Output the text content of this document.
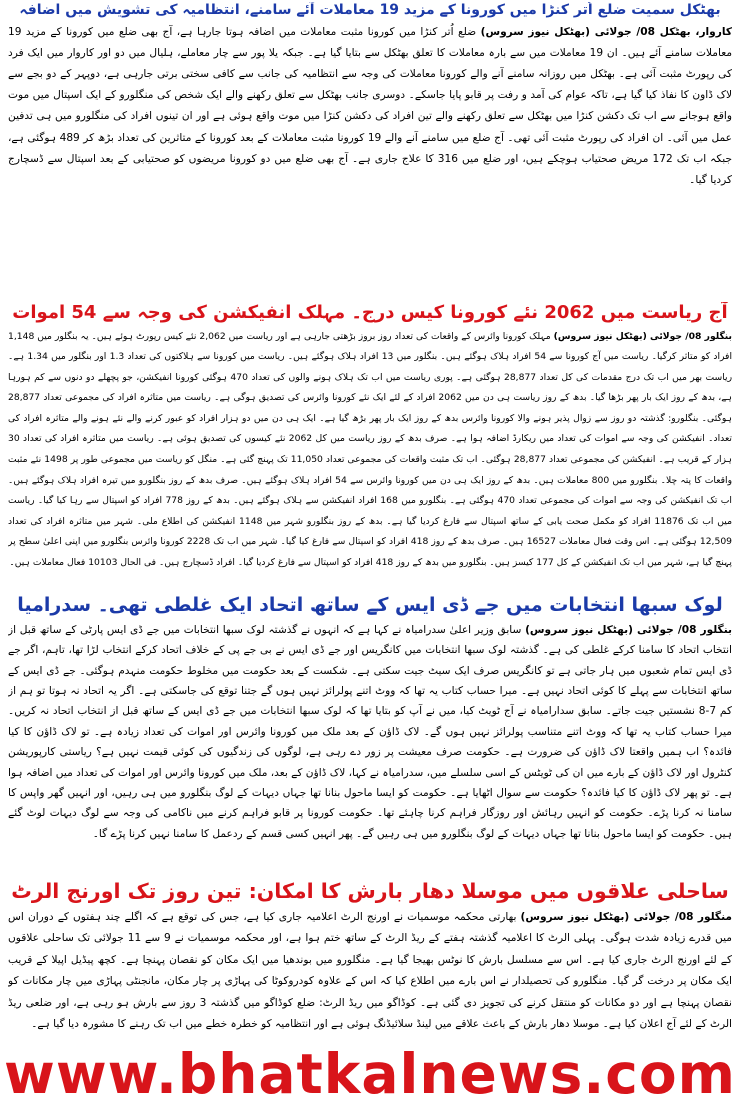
بھٹکل سمیت ضلع اُتر کنڑا میں کورونا کے مزید 19 معاملات آئے سامنے، انتظامیہ کی تشویش میں اضافہ

کاروار، بھٹکل 08/ جولائی (بھٹکل نیوز سروس) ضلع اُتر کنڑا میں کورونا مثبت معاملات میں اضافہ ہوتا جارہا ہے، آج بھی ضلع میں کورونا کے مزید 19 معاملات سامنے آئے ہیں۔ ان 19 معاملات میں سے بارہ معاملات کا تعلق بھٹکل سے بتایا گیا ہے۔ جبکہ یلا پور سے چار معاملے، ہلیال میں دو اور کاروار میں ایک فرد کی رپورٹ مثبت آئی ہے۔ بھٹکل میں روزانہ سامنے آنے والے کورونا معاملات کی وجہ سے انتظامیہ کی جانب سے کافی سختی برتی جارہی ہے، دوپہر کے دو بجے سے لاک ڈاون کا نفاذ کیا گیا ہے، تاکہ عوام کی آمد و رفت پر قابو پایا جاسکے۔ دوسری جانب بھٹکل سے تعلق رکھنے والے ایک شخص کی منگلورو کے ایک اسپتال میں موت واقع ہوجانے سے اب تک دکشن کنڑا میں بھٹکل سے تعلق رکھنے والے تین افراد کی دکشن کنڑا میں موت واقع ہوئی ہے اور ان تینوں افراد کی منگلورو میں ہی تدفین عمل میں آئی۔ ان افراد کی رپورٹ مثبت آئی تھی۔ آج ضلع میں سامنے آنے والے 19 کورونا مثبت معاملات کے بعد کورونا کے متاثرین کی تعداد بڑھ کر 489 ہوگئی ہے، جبکہ اب تک 172 مریض صحتیاب ہوچکے ہیں، اور ضلع میں 316 کا علاج جاری ہے۔ آج بھی ضلع میں دو کورونا مریضوں کو صحتیابی کے بعد اسپتال سے ڈسچارج کردیا گیا۔

آج ریاست میں 2062 نئے کورونا کیس درج۔ مہلک انفیکشن کی وجہ سے 54 اموات

بنگلور 08/ جولائی (بھٹکل نیوز سروس) مہلک کورونا وائرس کے واقعات کی تعداد روز بروز بڑھتی جارہی ہے اور ریاست میں 2,062 نئے کیس رپورٹ ہوئے ہیں۔ یہ بنگلور میں 1,148 افراد کو متاثر کرگیا۔ ریاست میں آج کورونا سے 54 افراد ہلاک ہوگئے ہیں۔ بنگلور میں 13 افراد ہلاک ہوگئے ہیں۔ ریاست میں کورونا سے ہلاکتوں کی تعداد 1.3 اور بنگلور میں 1.34 ہے۔ ریاست بھر میں اب تک درج مقدمات کی کل تعداد 28,877 ہوگئی ہے۔ پوری ریاست میں اب تک ہلاک ہونے والوں کی تعداد 470 ہوگئی کورونا انفیکشن، جو پچھلے دو دنوں سے کم ہورہا ہے، بدھ کے روز ایک بار پھر بڑھا گیا۔ بدھ کے روز ریاست ہی دن میں 2062 افراد کے لئے ایک نئے کورونا وائرس کی تصدیق ہوگی ہے۔ ریاست میں متاثرہ افراد کی مجموعی تعداد 28,877 ہوگئی۔ بنگلورو: گذشتہ دو روز سے زوال پذیر ہونے والا کورونا وائرس بدھ کے روز ایک بار پھر بڑھ گیا ہے۔ ایک ہی دن میں دو ہزار افراد کو عبور کرنے والے نئے ہونے والے متاثرہ افراد کی تعداد۔ انفیکشن کی وجہ سے اموات کی تعداد میں ریکارڈ اضافہ ہوا ہے۔ صرف بدھ کے روز ریاست میں کل 2062 نئے کیسوں کی تصدیق ہوئی ہے۔ ریاست میں متاثرہ افراد کی تعداد 30 ہزار کے قریب ہے۔ انفیکشن کی مجموعی تعداد 28,877 ہوگئی۔ اب تک مثبت واقعات کی مجموعی تعداد 11,050 تک پہنچ گئی ہے۔ منگل کو ریاست میں مجموعی طور پر 1498 نئے مثبت واقعات کا پتہ چلا۔ بنگلورو میں 800 معاملات ہیں۔ بدھ کے روز ایک ہی دن میں کورونا وائرس سے 54 افراد ہلاک ہوگئے ہیں۔ صرف بدھ کے روز بنگلورو میں تیرہ افراد ہلاک ہوگئے ہیں۔ اب تک انفیکشن کی وجہ سے اموات کی مجموعی تعداد 470 ہوگئی ہے۔ بنگلورو میں 168 افراد انفیکشن سے ہلاک ہوگئے ہیں۔ بدھ کے روز 778 افراد کو اسپتال سے رہا کیا گیا۔ ریاست میں اب تک 11876 افراد کو مکمل صحت یابی کے ساتھ اسپتال سے فارغ کردیا گیا ہے۔ بدھ کے روز بنگلورو شہر میں 1148 انفیکشن کی اطلاع ملی۔ شہر میں متاثرہ افراد کی تعداد 12,509 ہوگئی ہے۔ اس وقت فعال معاملات 16527 ہیں۔ صرف بدھ کے روز 418 افراد کو اسپتال سے فارغ کیا گیا۔ شہر میں اب تک 2228 کورونا وائرس بنگلورو میں اپنی اعلیٰ سطح پر پہنچ گیا ہے، شہر میں اب تک انفیکشن کے کل 177 کیسز ہیں۔ بنگلورو میں بدھ کے روز 418 افراد کو اسپتال سے فارغ کردیا گیا۔ افراد ڈسچارج ہیں۔ فی الحال 10103 فعال معاملات ہیں۔

لوک سبھا انتخابات میں جے ڈی ایس کے ساتھ اتحاد ایک غلطی تھی۔ سدرامیا

بنگلور 08/ جولائی (بھٹکل نیوز سروس) سابق وزیر اعلیٰ سدرامیاہ نے کہا ہے کہ انہوں نے گذشتہ لوک سبھا انتخابات میں جے ڈی ایس پارٹی کے ساتھ قبل از انتخاب اتحاد کا سامنا کرکے غلطی کی ہے۔ گذشتہ لوک سبھا انتخابات میں کانگریس اور جے ڈی ایس نے بی جے پی کے خلاف اتحاد کرکے انتخاب لڑا تھا، تاہم، اگر جے ڈی ایس تمام شعبوں میں ہار جاتی ہے تو کانگریس صرف ایک سیٹ جیت سکتی ہے۔ شکست کے بعد حکومت میں مخلوط حکومت منہدم ہوگئی۔ جے ڈی ایس کے ساتھ انتخابات سے پہلے کا کوئی اتحاد نہیں ہے۔ میرا حساب کتاب یہ تھا کہ ووٹ اتنے پولرائز نہیں ہوں گے جتنا توقع کی جاسکتی ہے۔ اگر یہ اتحاد نہ ہوتا تو ہم از کم 7-8 نشستیں جیت جاتے۔ سابق سدارامیاہ نے آج ٹویٹ کیا، میں نے آپ کو بتایا تھا کہ لوک سبھا انتخابات میں جے ڈی ایس کے ساتھ قبل از انتخاب اتحاد نہ کریں۔ میرا حساب کتاب یہ تھا کہ ووٹ اتنے متناسب پولرائز نہیں ہوں گے۔ لاک ڈاؤن کے بعد ملک میں کورونا وائرس اور اموات کی تعداد زیادہ ہے۔ تو لاک ڈاؤن کا کیا فائدہ؟ اب ہمیں واقعتا لاک ڈاؤن کی ضرورت ہے۔ حکومت صرف معیشت پر زور دے رہی ہے، لوگوں کی زندگیوں کی کوئی قیمت نہیں ہے؟ ریاستی کارپوریشن کنٹرول اور لاک ڈاؤن کے بارے میں ان کی ٹویٹس کے اسی سلسلے میں، سدرامیاہ نے کہا، لاک ڈاؤن کے بعد، ملک میں کورونا وائرس اور اموات کی تعداد میں اضافہ ہوا ہے۔ تو پھر لاک ڈاؤن کا کیا فائدہ؟ حکومت سے سوال اٹھایا ہے۔ حکومت کو ایسا ماحول بنانا تھا جہاں دیہات کے لوگ بنگلورو میں ہی رہیں، اور انہیں گھر واپس کا سامنا نہ کرنا پڑے۔ حکومت کو انہیں رہائش اور روزگار فراہم کرنا چاہئے تھا۔ حکومت کورونا پر قابو فراہم کرنے میں ناکامی کی وجہ سے لوگ دیہات لوٹ گئے ہیں۔ حکومت کو ایسا ماحول بنانا تھا جہاں دیہات کے لوگ بنگلورو میں ہی رہیں گے۔ پھر انہیں کسی قسم کے ردعمل کا سامنا نہیں کرنا پڑے گا۔

ساحلی علاقوں میں موسلا دھار بارش کا امکان: تین روز تک اورنج الرٹ

منگلور 08/ جولائی (بھٹکل نیوز سروس) بھارتی محکمہ موسمیات نے اورنج الرٹ اعلامیہ جاری کیا ہے، جس کی توقع ہے کہ اگلے چند ہفتوں کے دوران اس میں قدرے زیادہ شدت ہوگی۔ پہلی الرٹ کا اعلامیہ گذشتہ ہفتے کے ریڈ الرٹ کے ساتھ ختم ہوا ہے، اور محکمہ موسمیات نے 9 سے 11 جولائی تک ساحلی علاقوں کے لئے اورنج الرٹ جاری کیا ہے۔ اس سے مسلسل بارش کا نوٹس بھیجا گیا ہے۔ منگلورو میں بوندھیا میں ایک مکان کو نقصان پہنچا ہے۔ کچھ پیڈیل اپیلا کے قریب ایک مکان پر درخت گر گیا۔ منگلورو کی تحصیلدار نے اس بارے میں اطلاع کیا کہ اس کے علاوہ کودروکوٹا کی پہاڑی پر چار مکان، مانجنٹی پہاڑی میں چار مکانات کو نقصان پہنچا ہے اور دو مکانات کو منتقل کرنے کی تجویز دی گئی ہے۔ کوڈاگو میں ریڈ الرٹ: ضلع کوڈاگو میں گذشتہ 3 روز سے بارش ہو رہی ہے، اور ضلعی ریڈ الرٹ کے لئے آج اعلان کیا ہے۔ موسلا دھار بارش کے باعث علاقے میں لینڈ سلائیڈنگ ہوئی ہے اور انتظامیہ کو خطرہ خطے میں اب تک رہنے کا مشورہ دیا گیا ہے۔

www.bhatkalnews.com
